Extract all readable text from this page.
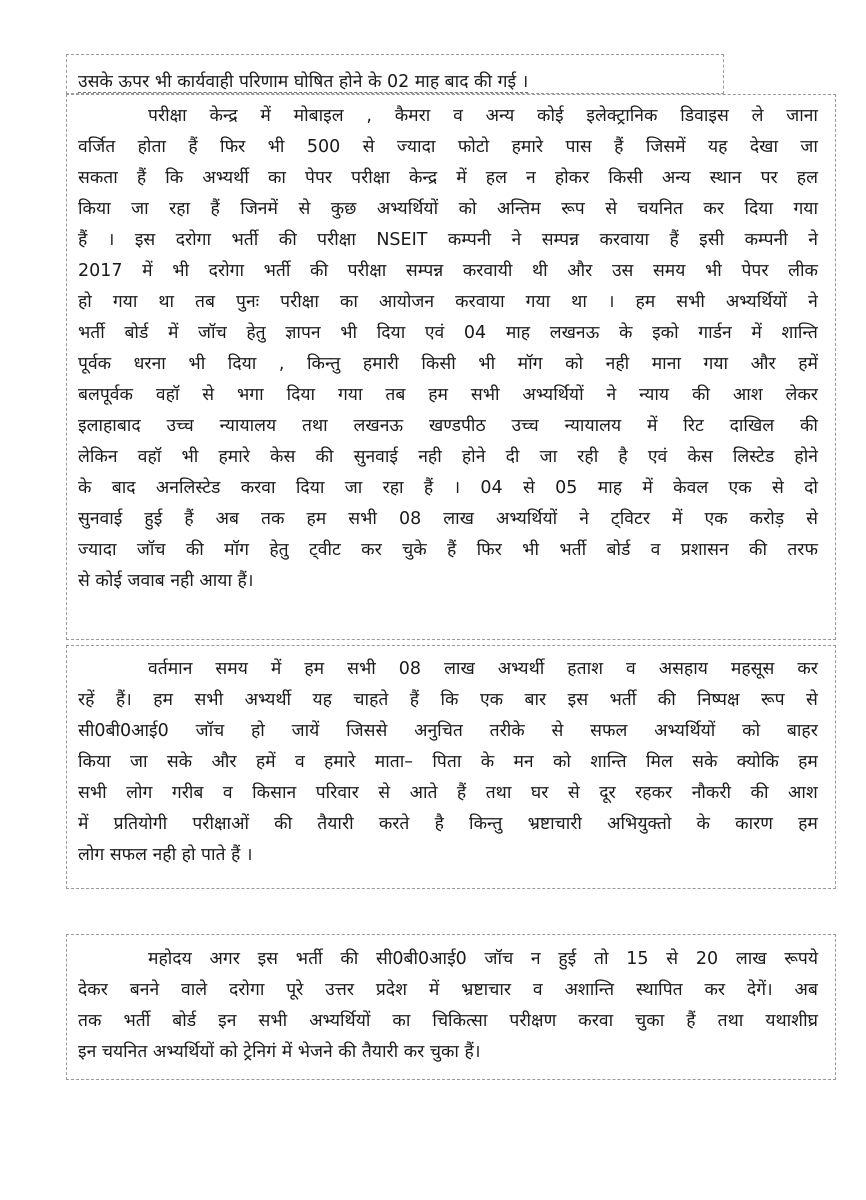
उसके ऊपर भी कार्यवाही परिणाम घोषित होने के 02 माह बाद की गई ।
परीक्षा केन्द्र में मोबाइल , कैमरा व अन्य कोई इलेक्ट्रानिक डिवाइस ले जाना
वर्जित होता हैं फिर भी 500 से ज्यादा फोटो हमारे पास हैं जिसमें यह देखा जा
सकता हैं कि अभ्यर्थी का पेपर परीक्षा केन्द्र में हल न होकर किसी अन्य स्थान पर हल
किया जा रहा हैं जिनमें से कुछ अभ्यर्थियों को अन्तिम रूप से चयनित कर दिया गया
हैं । इस दरोगा भर्ती की परीक्षा NSEIT कम्पनी ने सम्पन्न करवाया हैं इसी कम्पनी ने
2017 में भी दरोगा भर्ती की परीक्षा सम्पन्न करवायी थी और उस समय भी पेपर लीक
हो गया था तब पुनः परीक्षा का आयोजन करवाया गया था । हम सभी अभ्यर्थियों ने
भर्ती बोर्ड में जॉच हेतु ज्ञापन भी दिया एवं 04 माह लखनऊ के इको गार्डन में शान्ति
पूर्वक धरना भी दिया , किन्तु हमारी किसी भी मॉग को नही माना गया और हमें
बलपूर्वक वहॉ से भगा दिया गया तब हम सभी अभ्यर्थियों ने न्याय की आश लेकर
इलाहाबाद उच्च न्यायालय तथा लखनऊ खण्डपीठ उच्च न्यायालय में रिट दाखिल की
लेकिन वहॉ भी हमारे केस की सुनवाई नही होने दी जा रही है एवं केस लिस्टेड होने
के बाद अनलिस्टेड करवा दिया जा रहा हैं । 04 से 05 माह में केवल एक से दो
सुनवाई हुई हैं अब तक हम सभी 08 लाख अभ्यर्थियों ने ट्विटर में एक करोड़ से
ज्यादा जॉच की मॉग हेतु ट्वीट कर चुके हैं फिर भी भर्ती बोर्ड व प्रशासन की तरफ
से कोई जवाब नही आया हैं।
वर्तमान समय में हम सभी 08 लाख अभ्यर्थी हताश व असहाय महसूस कर
रहें हैं। हम सभी अभ्यर्थी यह चाहते हैं कि एक बार इस भर्ती की निष्पक्ष रूप से
सी0बी0आई0 जॉच हो जायें जिससे अनुचित तरीके से सफल अभ्यर्थियों को बाहर
किया जा सके और हमें व हमारे माता– पिता के मन को शान्ति मिल सके क्योकि हम
सभी लोग गरीब व किसान परिवार से आते हैं तथा घर से दूर रहकर नौकरी की आश
में प्रतियोगी परीक्षाओं की तैयारी करते है किन्तु भ्रष्टाचारी अभियुक्तो के कारण हम
लोग सफल नही हो पाते हैं ।
महोदय अगर इस भर्ती की सी0बी0आई0 जॉच न हुई तो 15 से 20 लाख रूपये
देकर बनने वाले दरोगा पूरे उत्तर प्रदेश में भ्रष्टाचार व अशान्ति स्थापित कर देगें। अब
तक भर्ती बोर्ड इन सभी अभ्यर्थियों का चिकित्सा परीक्षण करवा चुका हैं तथा यथाशीघ्र
इन चयनित अभ्यर्थियों को ट्रेनिगं में भेजने की तैयारी कर चुका हैं।
